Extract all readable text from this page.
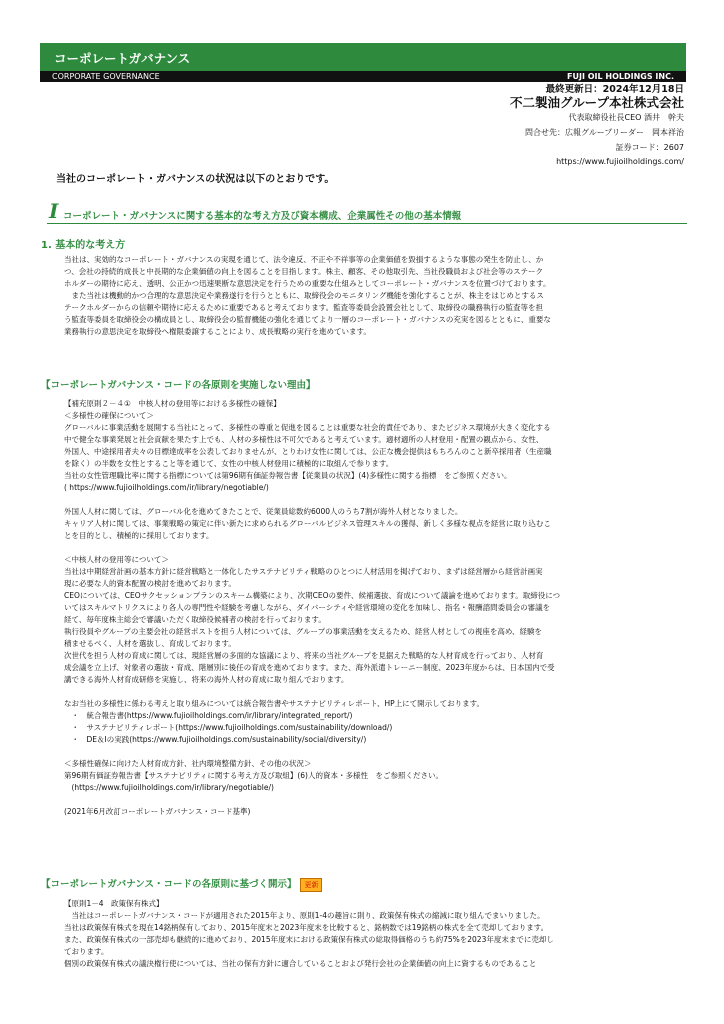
コーポレートガバナンス
CORPORATE GOVERNANCE	FUJI OIL HOLDINGS INC.
最終更新日：2024年12月18日
不二製油グループ本社株式会社
代表取締役社長CEO 酒井　幹夫
問合せ先：広報グループリーダー　岡本祥治
証券コード：2607
https://www.fujioilholdings.com/
当社のコーポレート・ガバナンスの状況は以下のとおりです。
I コーポレート・ガバナンスに関する基本的な考え方及び資本構成、企業属性その他の基本情報
1. 基本的な考え方

当社は、実効的なコーポレート・ガバナンスの実現を通じて、法令違反、不正や不祥事等の企業価値を毀損するような事態の発生を防止し、か

つ、会社の持続的成長と中長期的な企業価値の向上を図ることを目指します。株主、顧客、その他取引先、当社役職員および社会等のステーク

ホルダーの期待に応え、透明、公正かつ迅速果断な意思決定を行うための重要な仕組みとしてコーポレート・ガバナンスを位置づけております。

　また当社は機動的かつ合理的な意思決定や業務遂行を行うとともに、取締役会のモニタリング機能を強化することが、株主をはじめとするス

テークホルダーからの信頼や期待に応えるために重要であると考えております。監査等委員会設置会社として、取締役の職務執行の監査等を担

う監査等委員を取締役会の構成員とし、取締役会の監督機能の強化を通じてより一層のコーポレート・ガバナンスの充実を図るとともに、重要な

業務執行の意思決定を取締役へ権限委譲することにより、成長戦略の実行を進めています。

【コーポレートガバナンス・コードの各原則を実施しない理由】

【補充原則２－４①　中核人材の登用等における多様性の確保】

＜多様性の確保について＞

グローバルに事業活動を展開する当社にとって、多様性の尊重と促進を図ることは重要な社会的責任であり、またビジネス環境が大きく変化する

中で健全な事業発展と社会貢献を果たす上でも、人材の多様性は不可欠であると考えています。適材適所の人材登用・配置の観点から、女性、

外国人、中途採用者夫々の目標達成率を公表しておりませんが、とりわけ女性に関しては、公正な機会提供はもちろんのこと新卒採用者（生産職

を除く）の半数を女性とすること等を通じて、女性の中核人材登用に積極的に取組んで参ります。

当社の女性管理職比率に関する指標については第96期有価証券報告書【従業員の状況】(4)多様性に関する指標　をご参照ください。

( https://www.fujioilholdings.com/ir/library/negotiable/)

外国人人材に関しては、グローバル化を進めてきたことで、従業員総数約6000人のうち7割が海外人材となりました。

キャリア人材に関しては、事業戦略の策定に伴い新たに求められるグローバルビジネス管理スキルの獲得、新しく多様な視点を経営に取り込むこ

とを目的とし、積極的に採用しております。

＜中核人材の登用等について＞

当社は中期経営計画の基本方針に経営戦略と一体化したサステナビリティ戦略のひとつに人材活用を掲げており、まずは経営層から経営計画実

現に必要な人的資本配置の検討を進めております。

CEOについては、CEOサクセッションプランのスキーム構築により、次期CEOの要件、候補選抜、育成について議論を進めております。取締役につ

いてはスキルマトリクスにより各人の専門性や経験を考慮しながら、ダイバーシティや経営環境の変化を加味し、指名・報酬諮問委員会の審議を

経て、毎年度株主総会で審議いただく取締役候補者の検討を行っております。

執行役員やグループの主要会社の経営ポストを担う人材については、グループの事業活動を支えるため、経営人材としての視座を高め、経験を

積ませるべく、人材を選抜し、育成しております。

次世代を担う人材の育成に関しては、現経営層の多面的な協議により、将来の当社グループを見据えた戦略的な人材育成を行っており、人材育

成会議を立上げ、対象者の選抜・育成、階層別に後任の育成を進めております。また、海外派遣トレーニー制度、2023年度からは、日本国内で受

講できる海外人材育成研修を実施し、将来の海外人材の育成に取り組んでおります。

なお当社の多様性に係わる考えと取り組みについては統合報告書やサステナビリティレポート、HP上にて開示しております。

　・　統合報告書(https://www.fujioilholdings.com/ir/library/integrated_report/)

　・　サステナビリティレポート(https://www.fujioilholdings.com/sustainability/download/)

　・　DE＆Iの実践(https://www.fujioilholdings.com/sustainability/social/diversity/)

＜多様性確保に向けた人材育成方針、社内環境整備方針、その他の状況＞

第96期有価証券報告書【サステナビリティに関する考え方及び取組】(6)人的資本・多様性　をご参照ください。

　(https://www.fujioilholdings.com/ir/library/negotiable/)

(2021年6月改訂コーポレートガバナンス・コード基準)

【コーポレートガバナンス・コードの各原則に基づく開示】 更新

【原則1－4　政策保有株式】

　当社はコーポレートガバナンス・コードが適用された2015年より、原則1-4の趣旨に則り、政策保有株式の縮減に取り組んでまいりました。

当社は政策保有株式を現在14銘柄保有しており、2015年度末と2023年度末を比較すると、銘柄数では19銘柄の株式を全て売却しております。

また、政策保有株式の一部売却も継続的に進めており、2015年度末における政策保有株式の総取得価格のうち約75%を2023年度末までに売却し

ております。

個別の政策保有株式の議決権行使については、当社の保有方針に適合していることおよび発行会社の企業価値の向上に資するものであること
